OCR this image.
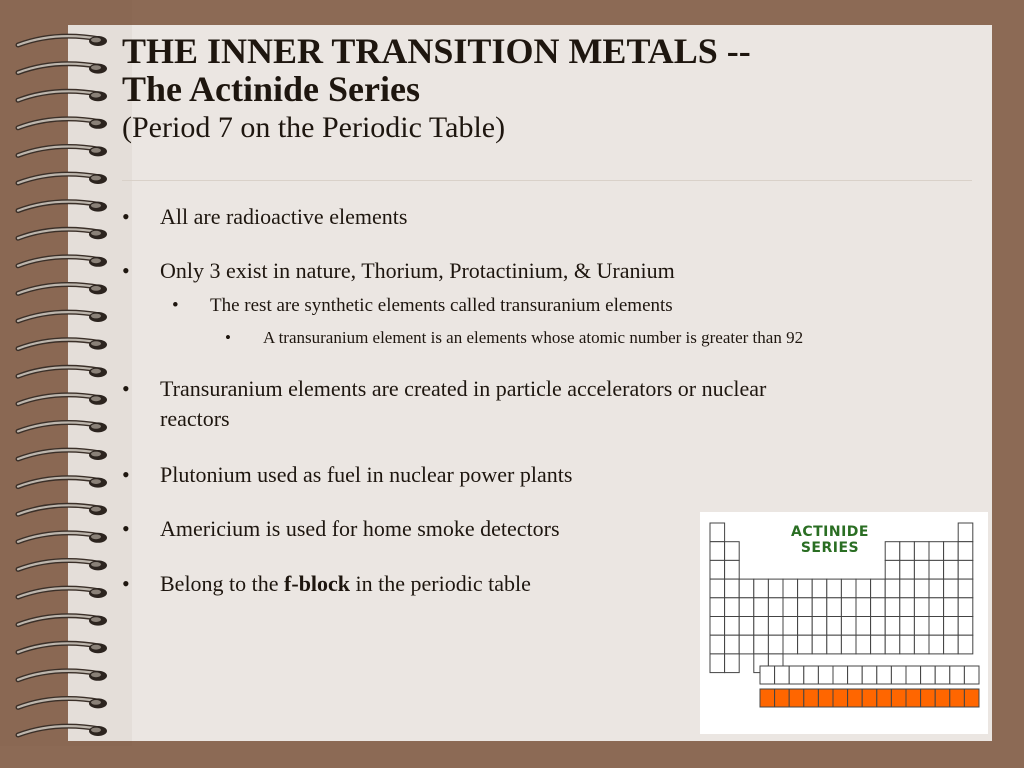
THE INNER TRANSITION METALS --
The Actinide Series
(Period 7 on the Periodic Table)
• All are radioactive elements
• Only 3 exist in nature, Thorium, Protactinium, & Uranium
• The rest are synthetic elements called transuranium elements
• A transuranium element is an elements whose atomic number is greater than 92
• Transuranium elements are created in particle accelerators or nuclear
reactors
• Plutonium used as fuel in nuclear power plants
• Americium is used for home smoke detectors
• Belong to the f-block in the periodic table
ACTINIDE
SERIES
